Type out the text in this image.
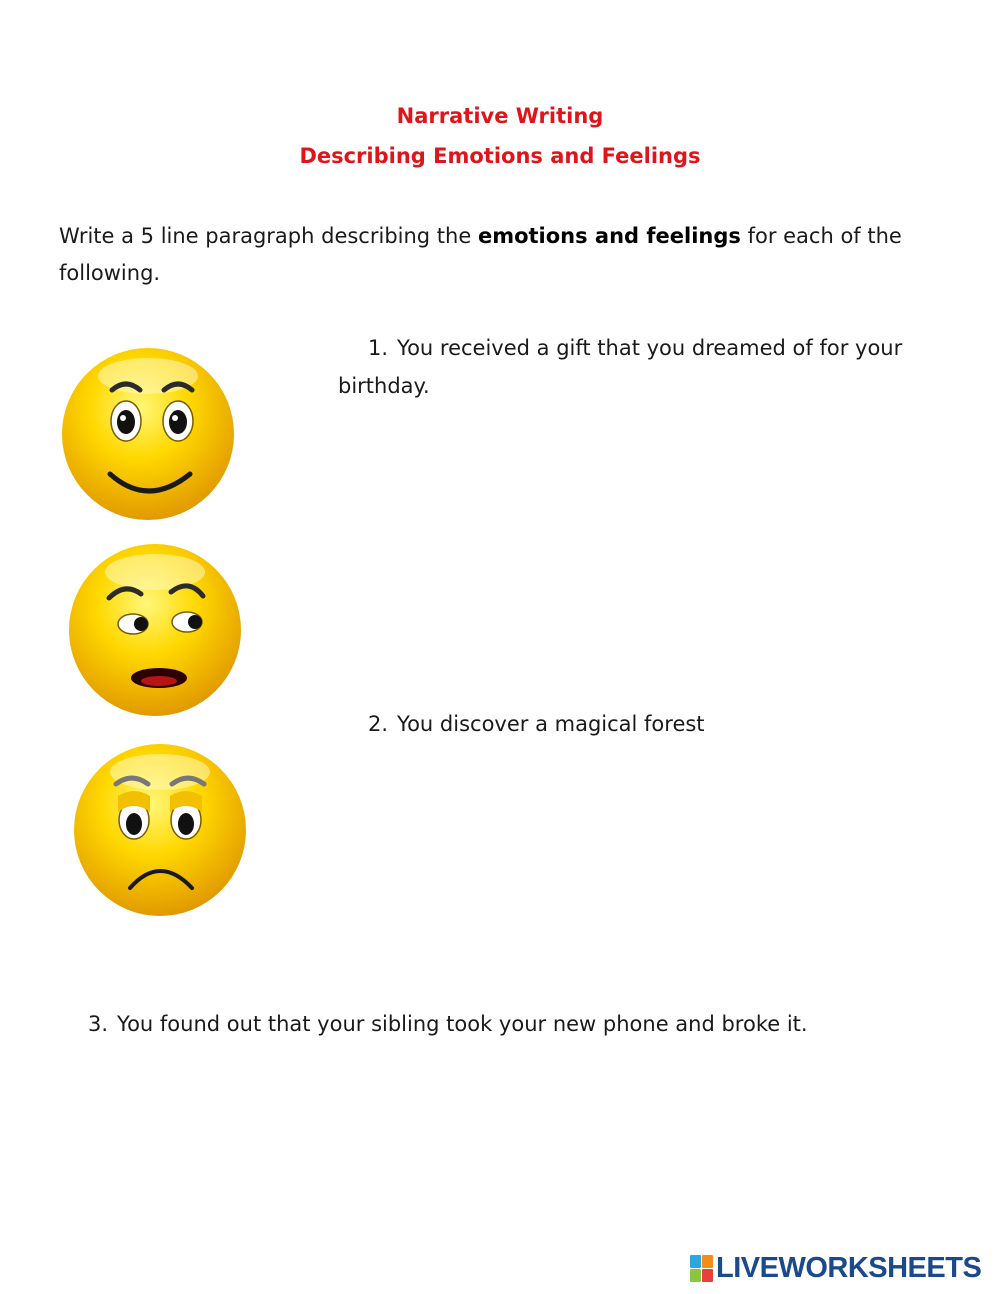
Narrative Writing
Describing Emotions and Feelings
Write a 5 line paragraph describing the emotions and feelings for each of the following.
1. You received a gift that you dreamed of for your birthday.
2. You discover a magical forest
3. You found out that your sibling took your new phone and broke it.
LIVEWORKSHEETS
